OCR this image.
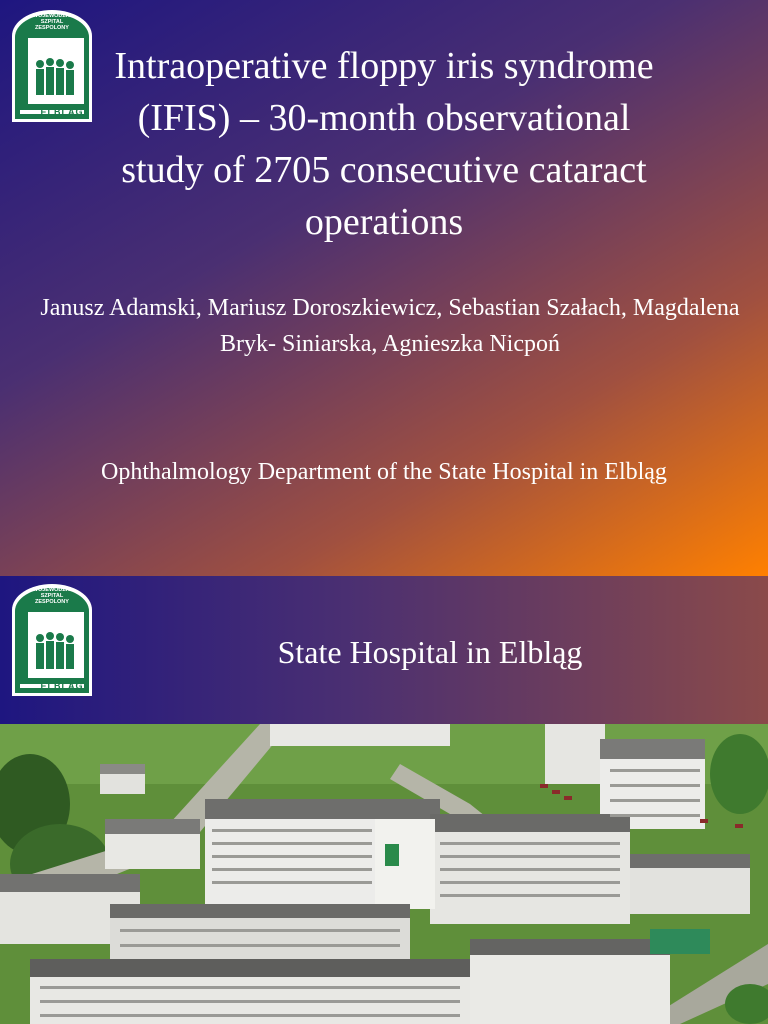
WOJEWÓDZKI
SZPITAL
ZESPOLONY
ELBLĄG
Intraoperative floppy iris syndrome (IFIS) – 30-month observational study of 2705 consecutive cataract operations
Janusz Adamski, Mariusz Doroszkiewicz, Sebastian Szałach, Magdalena Bryk- Siniarska, Agnieszka Nicpoń
Ophthalmology Department of the State Hospital in Elbląg
WOJEWÓDZKI
SZPITAL
ZESPOLONY
ELBLĄG
State Hospital in Elbląg
